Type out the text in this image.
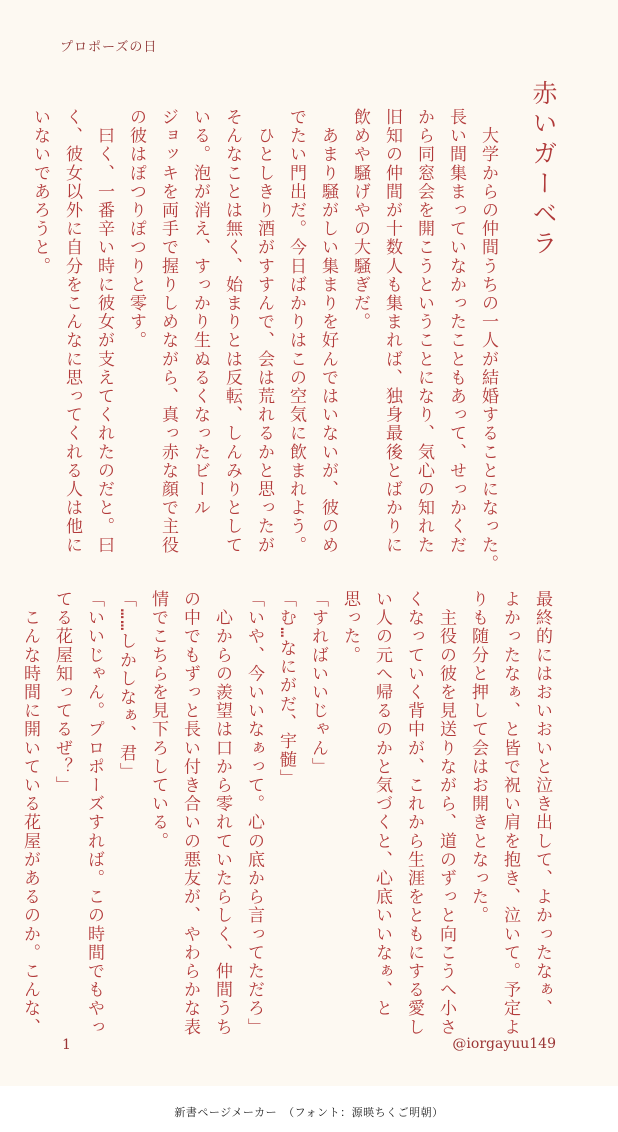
プロポーズの日
赤いガーベラ
　大学からの仲間うちの一人が結婚することになった。
長い間集まっていなかったこともあって、せっかくだ
から同窓会を開こうということになり、気心の知れた
旧知の仲間が十数人も集まれば、独身最後とばかりに
飲めや騒げやの大騒ぎだ。
　あまり騒がしい集まりを好んではいないが、彼のめ
でたい門出だ。今日ばかりはこの空気に飲まれよう。
　ひとしきり酒がすすんで、会は荒れるかと思ったが
そんなことは無く、始まりとは反転、しんみりとして
いる。泡が消え、すっかり生ぬるくなったビール
ジョッキを両手で握りしめながら、真っ赤な顔で主役
の彼はぽつりぽつりと零す。
　曰く、一番辛い時に彼女が支えてくれたのだと。曰
く、彼女以外に自分をこんなに思ってくれる人は他に
いないであろうと。
最終的にはおいおいと泣き出して、よかったなぁ、
よかったなぁ、と皆で祝い肩を抱き、泣いて。予定よ
りも随分と押して会はお開きとなった。
　主役の彼を見送りながら、道のずっと向こうへ小さ
くなっていく背中が、これから生涯をともにする愛し
い人の元へ帰るのかと気づくと、心底いいなぁ、と
思った。
「すればいいじゃん」
「む…なにがだ、宇髄」
「いや、今いいなぁって。心の底から言ってただろ」
　心からの羨望は口から零れていたらしく、仲間うち
の中でもずっと長い付き合いの悪友が、やわらかな表
情でこちらを見下ろしている。
「……しかしなぁ、君」
「いいじゃん。プロポーズすれば。この時間でもやっ
てる花屋知ってるぜ？」
　こんな時間に開いている花屋があるのか。こんな、
1	@iorgayuu149
新書ページメーカー　（フォント：源暎ちくご明朝）
